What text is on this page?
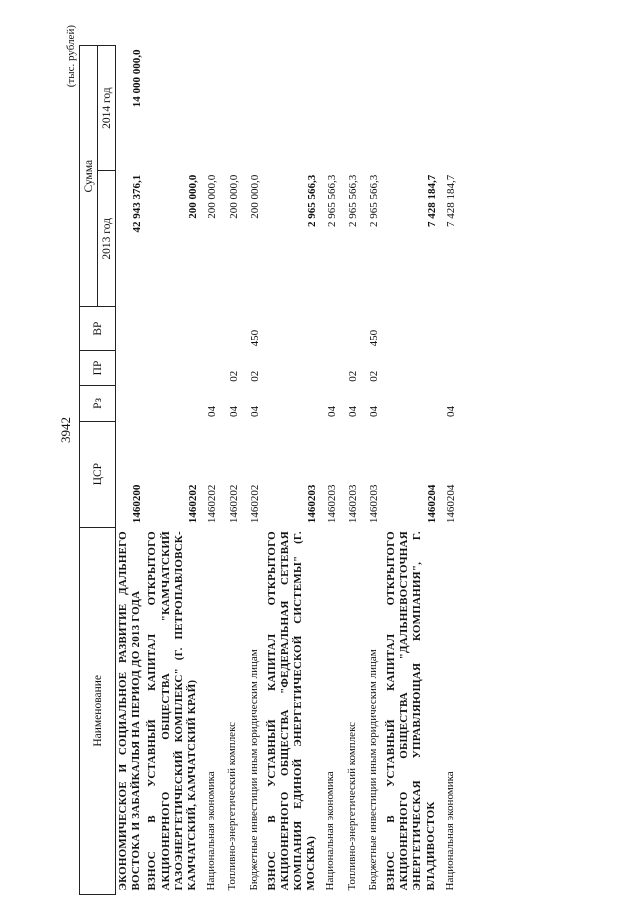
3942
(тыс. рублей)
Наименование	ЦСР	Рз	ПР	ВР	Сумма	
					2013 год	2014 год
ЭКОНОМИЧЕСКОЕ И СОЦИАЛЬНОЕ РАЗВИТИЕ ДАЛЬНЕГО ВОСТОКА И ЗАБАЙКАЛЬЯ НА ПЕРИОД ДО 2013 ГОДА	1460200				42 943 376,1	14 000 000,0
ВЗНОС В УСТАВНЫЙ КАПИТАЛ ОТКРЫТОГО АКЦИОНЕРНОГО ОБЩЕСТВА "КАМЧАТСКИЙ ГАЗОЭНЕРГЕТИЧЕСКИЙ КОМПЛЕКС" (Г. ПЕТРОПАВЛОВСК-КАМЧАТСКИЙ, КАМЧАТСКИЙ КРАЙ)	1460202				200 000,0	
Национальная экономика	1460202	04			200 000,0	
Топливно-энергетический комплекс	1460202	04	02		200 000,0	
Бюджетные инвестиции иным юридическим лицам	1460202	04	02	450	200 000,0	
ВЗНОС В УСТАВНЫЙ КАПИТАЛ ОТКРЫТОГО АКЦИОНЕРНОГО ОБЩЕСТВА "ФЕДЕРАЛЬНАЯ СЕТЕВАЯ КОМПАНИЯ ЕДИНОЙ ЭНЕРГЕТИЧЕСКОЙ СИСТЕМЫ" (Г. МОСКВА)	1460203				2 965 566,3	
Национальная экономика	1460203	04			2 965 566,3	
Топливно-энергетический комплекс	1460203	04	02		2 965 566,3	
Бюджетные инвестиции иным юридическим лицам	1460203	04	02	450	2 965 566,3	
ВЗНОС В УСТАВНЫЙ КАПИТАЛ ОТКРЫТОГО АКЦИОНЕРНОГО ОБЩЕСТВА "ДАЛЬНЕВОСТОЧНАЯ ЭНЕРГЕТИЧЕСКАЯ УПРАВЛЯЮЩАЯ КОМПАНИЯ", Г. ВЛАДИВОСТОК	1460204				7 428 184,7	
Национальная экономика	1460204	04			7 428 184,7	
